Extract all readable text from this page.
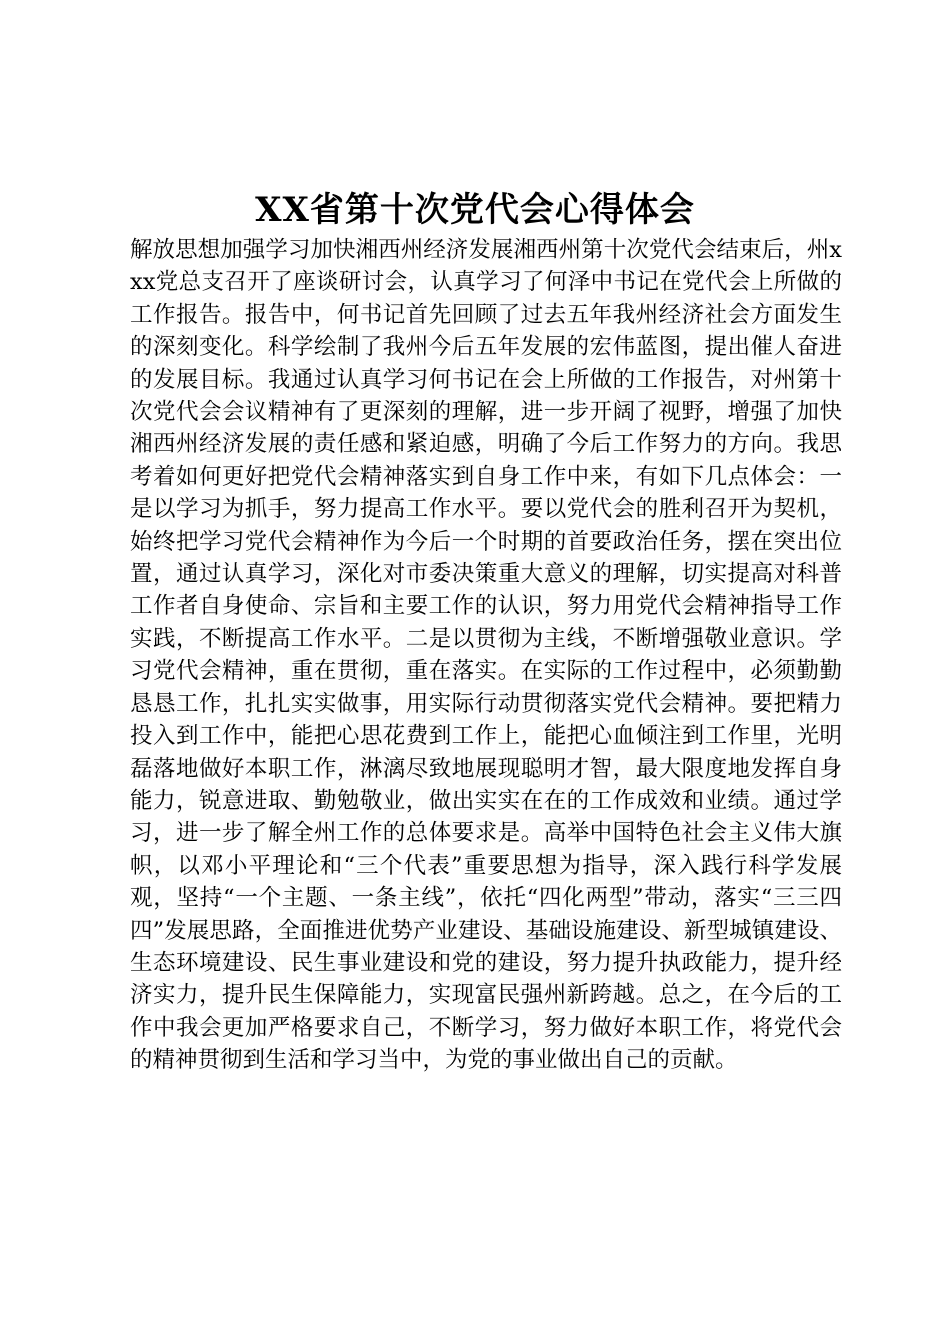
XX省第十次党代会心得体会

解放思想加强学习加快湘西州经济发展湘西州第十次党代会结束后，州xxx党总支召开了座谈研讨会，认真学习了何泽中书记在党代会上所做的工作报告。报告中，何书记首先回顾了过去五年我州经济社会方面发生的深刻变化。科学绘制了我州今后五年发展的宏伟蓝图，提出催人奋进的发展目标。我通过认真学习何书记在会上所做的工作报告，对州第十次党代会会议精神有了更深刻的理解，进一步开阔了视野，增强了加快湘西州经济发展的责任感和紧迫感，明确了今后工作努力的方向。我思考着如何更好把党代会精神落实到自身工作中来，有如下几点体会：一是以学习为抓手，努力提高工作水平。要以党代会的胜利召开为契机，始终把学习党代会精神作为今后一个时期的首要政治任务，摆在突出位置，通过认真学习，深化对市委决策重大意义的理解，切实提高对科普工作者自身使命、宗旨和主要工作的认识，努力用党代会精神指导工作实践，不断提高工作水平。二是以贯彻为主线，不断增强敬业意识。学习党代会精神，重在贯彻，重在落实。在实际的工作过程中，必须勤勤恳恳工作，扎扎实实做事，用实际行动贯彻落实党代会精神。要把精力投入到工作中，能把心思花费到工作上，能把心血倾注到工作里，光明磊落地做好本职工作，淋漓尽致地展现聪明才智，最大限度地发挥自身能力，锐意进取、勤勉敬业，做出实实在在的工作成效和业绩。通过学习，进一步了解全州工作的总体要求是。高举中国特色社会主义伟大旗帜，以邓小平理论和“三个代表”重要思想为指导，深入践行科学发展观，坚持“一个主题、一条主线”，依托“四化两型”带动，落实“三三四四”发展思路，全面推进优势产业建设、基础设施建设、新型城镇建设、生态环境建设、民生事业建设和党的建设，努力提升执政能力，提升经济实力，提升民生保障能力，实现富民强州新跨越。总之，在今后的工作中我会更加严格要求自己，不断学习，努力做好本职工作，将党代会的精神贯彻到生活和学习当中，为党的事业做出自己的贡献。
